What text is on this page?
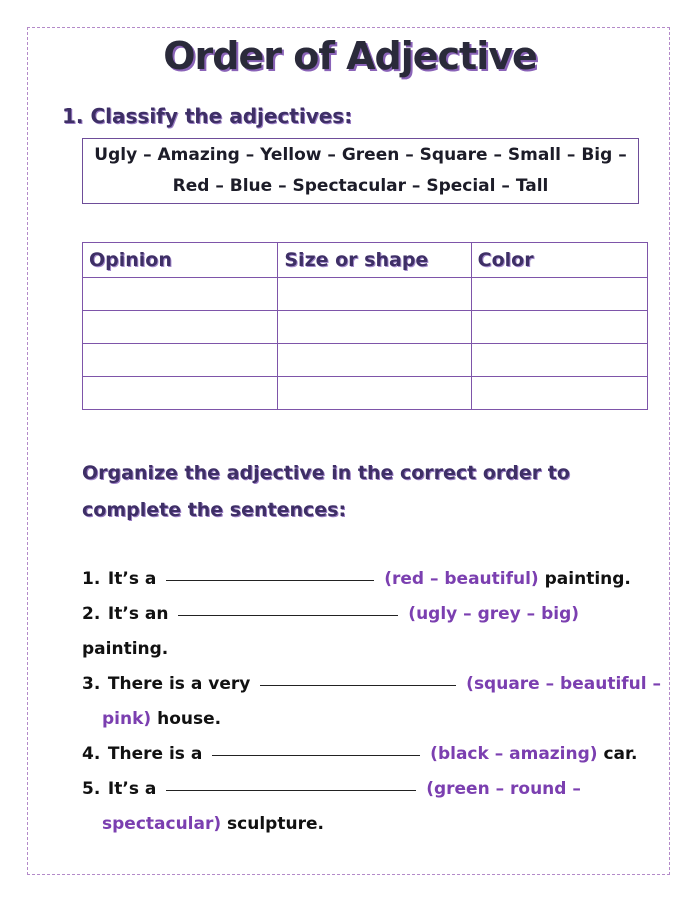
Order of Adjective
1. Classify the adjectives:
Ugly – Amazing – Yellow – Green – Square – Small – Big –
Red – Blue – Spectacular – Special – Tall
Opinion	Size or shape	Color

Organize the adjective in the correct order to complete the sentences:
1. It’s a	(red – beautiful) painting.
2. It’s an	(ugly – grey – big) painting.
3. There is a very	(square – beautiful –
pink) house.
4. There is a	(black – amazing) car.
5. It’s a	(green – round –
spectacular) sculpture.
